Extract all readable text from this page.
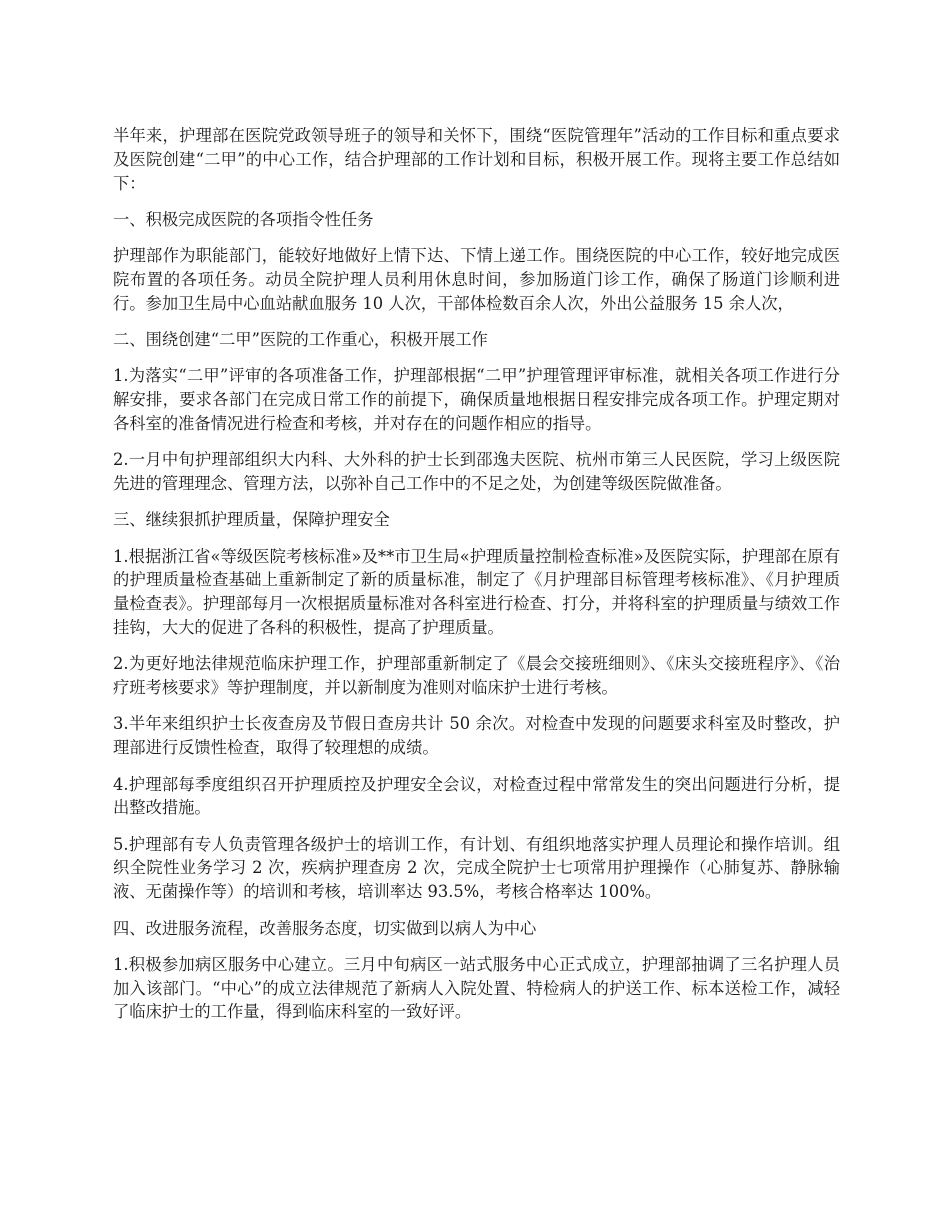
半年来，护理部在医院党政领导班子的领导和关怀下，围绕“医院管理年”活动的工作目标和重点要求及医院创建“二甲”的中心工作，结合护理部的工作计划和目标，积极开展工作。现将主要工作总结如下：

一、积极完成医院的各项指令性任务

护理部作为职能部门，能较好地做好上情下达、下情上递工作。围绕医院的中心工作，较好地完成医院布置的各项任务。动员全院护理人员利用休息时间，参加肠道门诊工作，确保了肠道门诊顺利进行。参加卫生局中心血站献血服务 10 人次，干部体检数百余人次，外出公益服务 15 余人次，

二、围绕创建“二甲”医院的工作重心，积极开展工作

1.为落实“二甲”评审的各项准备工作，护理部根据“二甲”护理管理评审标准，就相关各项工作进行分解安排，要求各部门在完成日常工作的前提下，确保质量地根据日程安排完成各项工作。护理定期对各科室的准备情况进行检查和考核，并对存在的问题作相应的指导。

2.一月中旬护理部组织大内科、大外科的护士长到邵逸夫医院、杭州市第三人民医院，学习上级医院先进的管理理念、管理方法，以弥补自己工作中的不足之处，为创建等级医院做准备。

三、继续狠抓护理质量，保障护理安全

1.根据浙江省«等级医院考核标准»及**市卫生局«护理质量控制检查标准»及医院实际，护理部在原有的护理质量检查基础上重新制定了新的质量标准，制定了《月护理部目标管理考核标准》、《月护理质量检查表》。护理部每月一次根据质量标准对各科室进行检查、打分，并将科室的护理质量与绩效工作挂钩，大大的促进了各科的积极性，提高了护理质量。

2.为更好地法律规范临床护理工作，护理部重新制定了《晨会交接班细则》、《床头交接班程序》、《治疗班考核要求》等护理制度，并以新制度为准则对临床护士进行考核。

3.半年来组织护士长夜查房及节假日查房共计 50 余次。对检查中发现的问题要求科室及时整改，护理部进行反馈性检查，取得了较理想的成绩。

4.护理部每季度组织召开护理质控及护理安全会议，对检查过程中常常发生的突出问题进行分析，提出整改措施。

5.护理部有专人负责管理各级护士的培训工作，有计划、有组织地落实护理人员理论和操作培训。组织全院性业务学习 2 次，疾病护理查房 2 次，完成全院护士七项常用护理操作（心肺复苏、静脉输液、无菌操作等）的培训和考核，培训率达 93.5%，考核合格率达 100%。

四、改进服务流程，改善服务态度，切实做到以病人为中心

1.积极参加病区服务中心建立。三月中旬病区一站式服务中心正式成立，护理部抽调了三名护理人员加入该部门。“中心”的成立法律规范了新病人入院处置、特检病人的护送工作、标本送检工作，减轻了临床护士的工作量，得到临床科室的一致好评。
